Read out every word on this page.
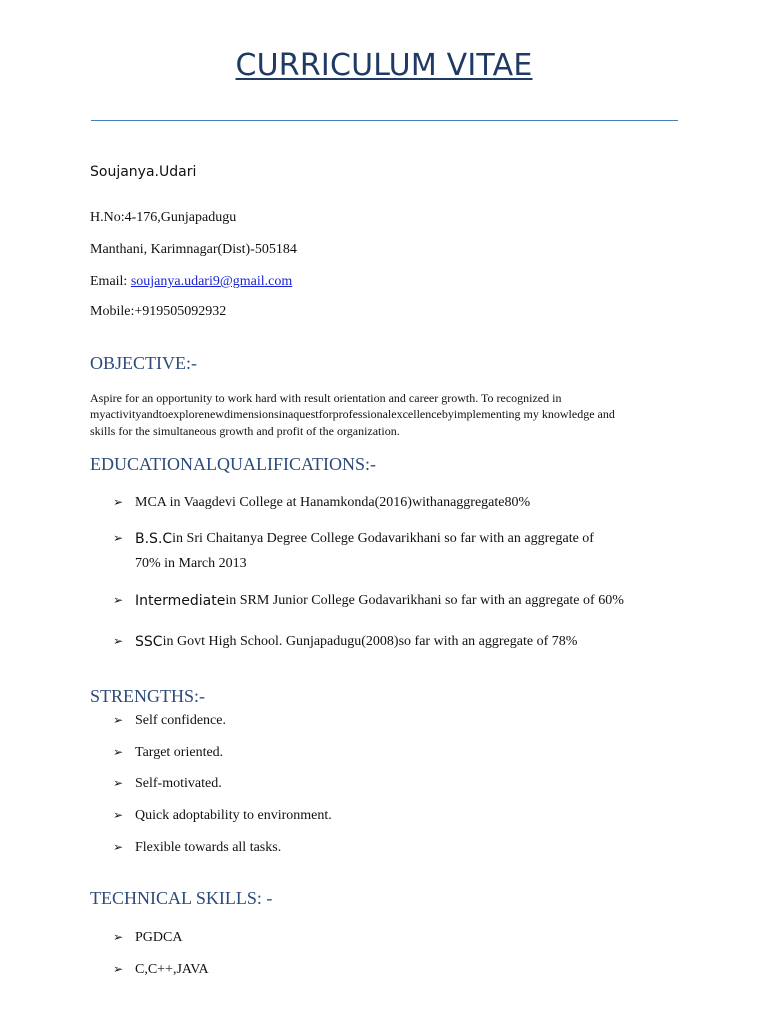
CURRICULUM VITAE
Soujanya.Udari
H.No:4-176,Gunjapadugu
Manthani, Karimnagar(Dist)-505184
Email: soujanya.udari9@gmail.com
Mobile:+919505092932
OBJECTIVE:-
Aspire for an opportunity to work hard with result orientation and career growth. To recognized in
myactivityandtoexplorenewdimensionsinaquestforprofessionalexcellencebyimplementing my knowledge and
skills for the simultaneous growth and profit of the organization.
EDUCATIONALQUALIFICATIONS:-
➢ MCA in Vaagdevi College at Hanamkonda(2016)withanaggregate80%
➢ B.S.C in Sri Chaitanya Degree College Godavarikhani so far with an aggregate of
70% in March 2013
➢ Intermediate in SRM Junior College Godavarikhani so far with an aggregate of 60%
➢ SSC in Govt High School. Gunjapadugu(2008)so far with an aggregate of 78%
STRENGTHS:-
➢ Self confidence.
➢ Target oriented.
➢ Self-motivated.
➢ Quick adoptability to environment.
➢ Flexible towards all tasks.
TECHNICAL SKILLS: -
➢ PGDCA
➢ C,C++,JAVA
